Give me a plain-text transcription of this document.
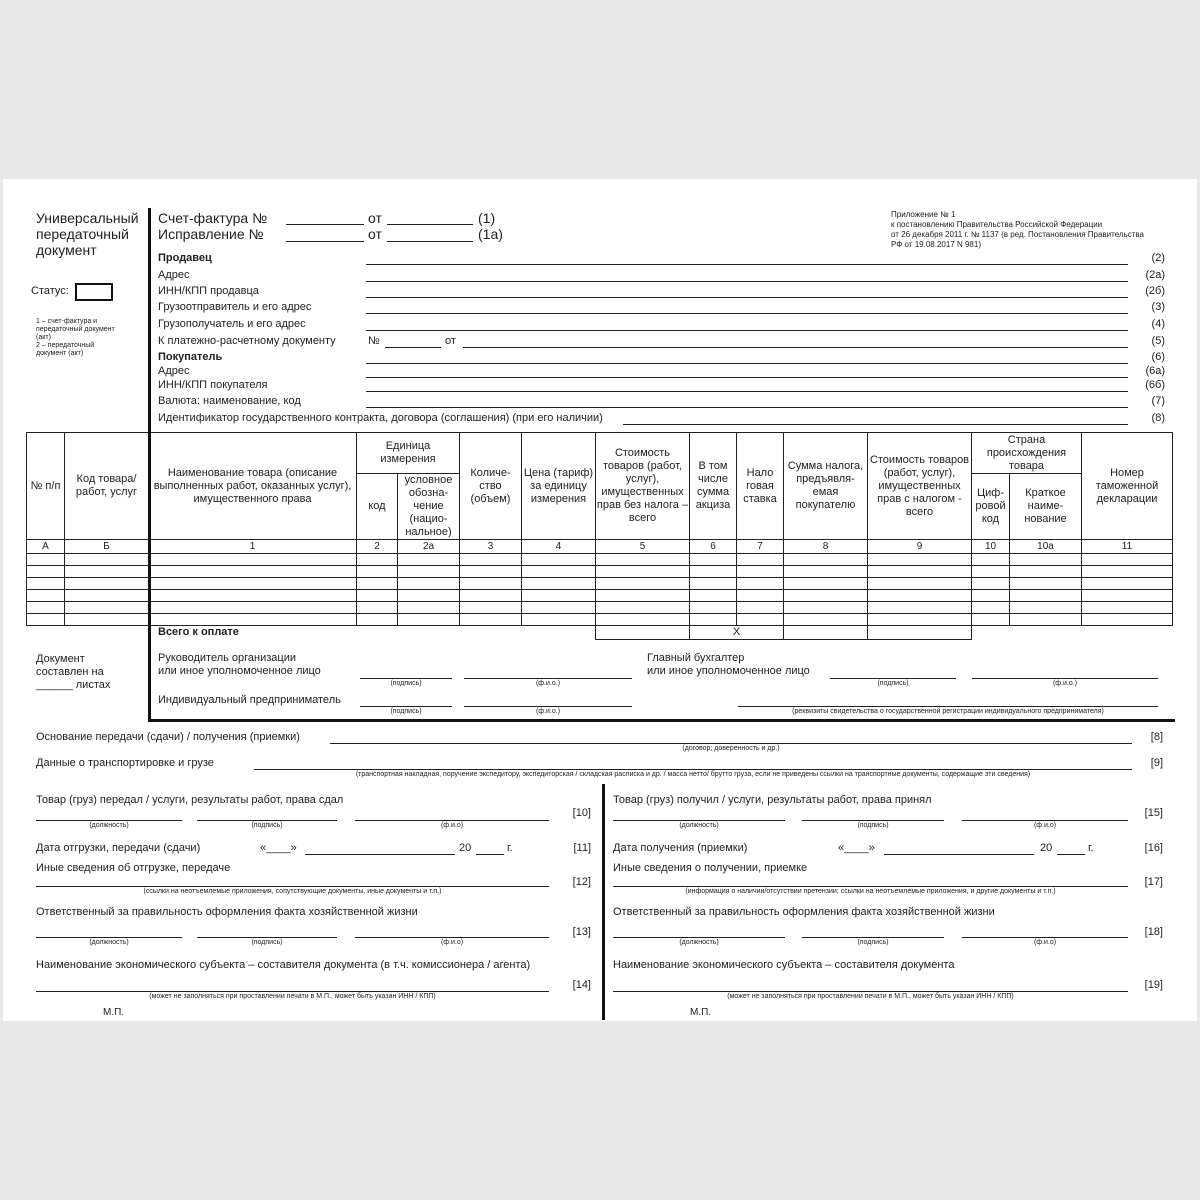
Универсальный
передаточный
документ
Счет-фактура №	от	(1)
Исправление №	от	(1а)
Приложение № 1
к постановлению Правительства Российской Федерации
от 26 декабря 2011 г. № 1137 (в ред. Постановления Правительства
РФ от 19.08.2017 N 981)
Статус:
1 – счет-фактура и
передаточный документ
(акт)
2 – передаточный
документ (акт)
Продавец	(2)
Адрес	(2а)
ИНН/КПП продавца	(2б)
Грузоотправитель и его адрес	(3)
Грузополучатель и его адрес	(4)
К платежно-расчетному документу	(5)
№	от
Покупатель	(6)
Адрес	(6а)
ИНН/КПП покупателя	(6б)
Валюта: наименование, код	(7)
Идентификатор государственного контракта, договора (соглашения) (при его наличии)	(8)
№ п/п	Код товара/ работ, услуг	Наименование товара (описание выполненных работ, оказанных услуг), имущественного права	Единица измерения		Количе- ство (объем)	Цена (тариф) за единицу измерения	Стоимость товаров (работ, услуг), имущественных прав без налога – всего	В том числе сумма акциза	Нало говая ставка	Сумма налога, предъявля- емая покупателю	Стоимость товаров (работ, услуг), имущественных прав с налогом - всего	Страна происхождения товара		Номер таможенной декларации
			код	условное обозна- чение (нацио- нальное)								Циф- ровой код	Краткое наиме- нование	
А	Б	1	2	2а	3	4	5	6	7	8	9	10	10а	11

		Всего к оплате						Х						
Документ
составлен на
______ листах
Руководитель организации
или иное уполномоченное лицо
(подпись)	(ф.и.о.)
Главный бухгалтер
или иное уполномоченное лицо
(подпись)	(ф.и.о.)
Индивидуальный предприниматель
(подпись)	(ф.и.о.)	(реквизиты свидетельства о государственной регистрации индивидуального предпринимателя)
Основание передачи (сдачи) / получения (приемки)	[8]
(договор; доверенность и др.)
Данные о транспортировке и грузе	[9]
(транспортная накладная, поручение экспедитору, экспедиторская / складская расписка и др. / масса нетто/ брутто груза, если не приведены ссылки на транспортные документы, содержащие эти сведения)
Товар (груз) передал / услуги, результаты работ, права сдал
(должность)	(подпись)	(ф.и.о)
[10]
Дата отгрузки, передачи (сдачи)	«____»	20	г.	[11]
Иные сведения об отгрузке, передаче
(ссылки на неотъемлемые приложения, сопутствующие документы, иные документы и т.п.)
[12]
Ответственный за правильность оформления факта хозяйственной жизни
(должность)	(подпись)	(ф.и.о)
[13]
Наименование экономического субъекта – составителя документа (в т.ч. комиссионера / агента)
(может не заполняться при проставлении печати в М.П., может быть указан ИНН / КПП)
[14]
М.П.
Товар (груз) получил / услуги, результаты работ, права принял
(должность)	(подпись)	(ф.и.о)
[15]
Дата получения (приемки)	«____»	20	г.	[16]
Иные сведения о получении, приемке
(информация о наличии/отсутствии претензии; ссылки на неотъемлемые приложения, и другие документы и т.п.)
[17]
Ответственный за правильность оформления факта хозяйственной жизни
(должность)	(подпись)	(ф.и.о)
[18]
Наименование экономического субъекта – составителя документа
(может не заполняться при проставлении печати в М.П., может быть указан ИНН / КПП)
[19]
М.П.
